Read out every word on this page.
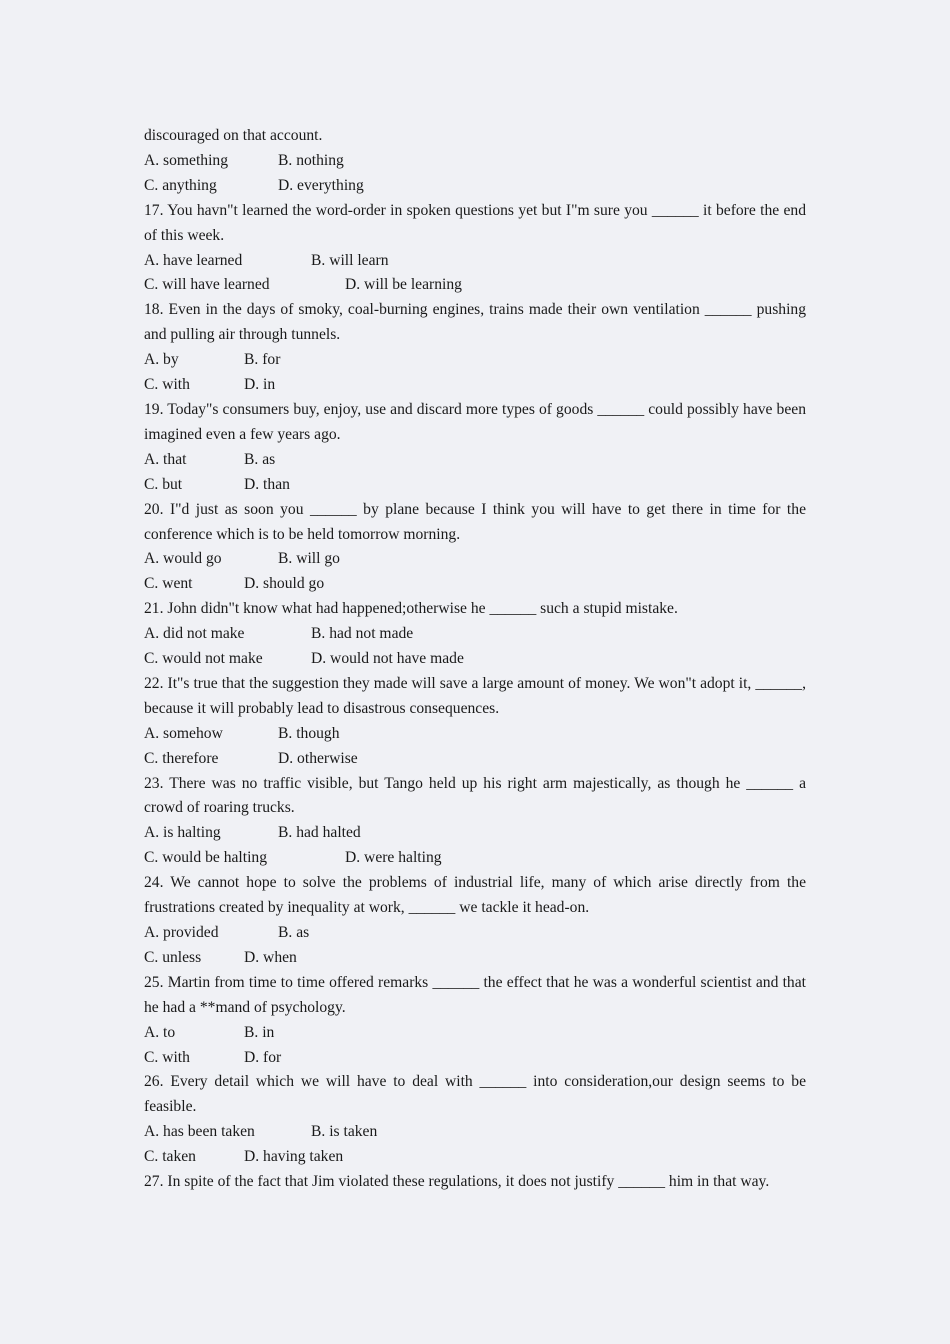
discouraged on that account.
A. something	B. nothing
C. anything	D. everything
17. You havn"t learned the word-order in spoken questions yet but I"m sure you ______ it before the end of this week.
A. have learned	B. will learn
C. will have learned	D. will be learning
18. Even in the days of smoky, coal-burning engines, trains made their own ventilation ______ pushing and pulling air through tunnels.
A. by	B. for
C. with	D. in
19. Today"s consumers buy, enjoy, use and discard more types of goods ______ could possibly have been imagined even a few years ago.
A. that	B. as
C. but	D. than
20. I"d just as soon you ______ by plane because I think you will have to get there in time for the conference which is to be held tomorrow morning.
A. would go	B. will go
C. went	D. should go
21. John didn"t know what had happened;otherwise he ______ such a stupid mistake.
A. did not make	B. had not made
C. would not make	D. would not have made
22. It"s true that the suggestion they made will save a large amount of money. We won"t adopt it, ______, because it will probably lead to disastrous consequences.
A. somehow	B. though
C. therefore	D. otherwise
23. There was no traffic visible, but Tango held up his right arm majestically, as though he ______ a crowd of roaring trucks.
A. is halting	B. had halted
C. would be halting	D. were halting
24. We cannot hope to solve the problems of industrial life, many of which arise directly from the frustrations created by inequality at work, ______ we tackle it head-on.
A. provided	B. as
C. unless	D. when
25. Martin from time to time offered remarks ______ the effect that he was a wonderful scientist and that he had a **mand of psychology.
A. to	B. in
C. with	D. for
26. Every detail which we will have to deal with ______ into consideration,our design seems to be feasible.
A. has been taken	B. is taken
C. taken	D. having taken
27. In spite of the fact that Jim violated these regulations, it does not justify ______ him in that way.
